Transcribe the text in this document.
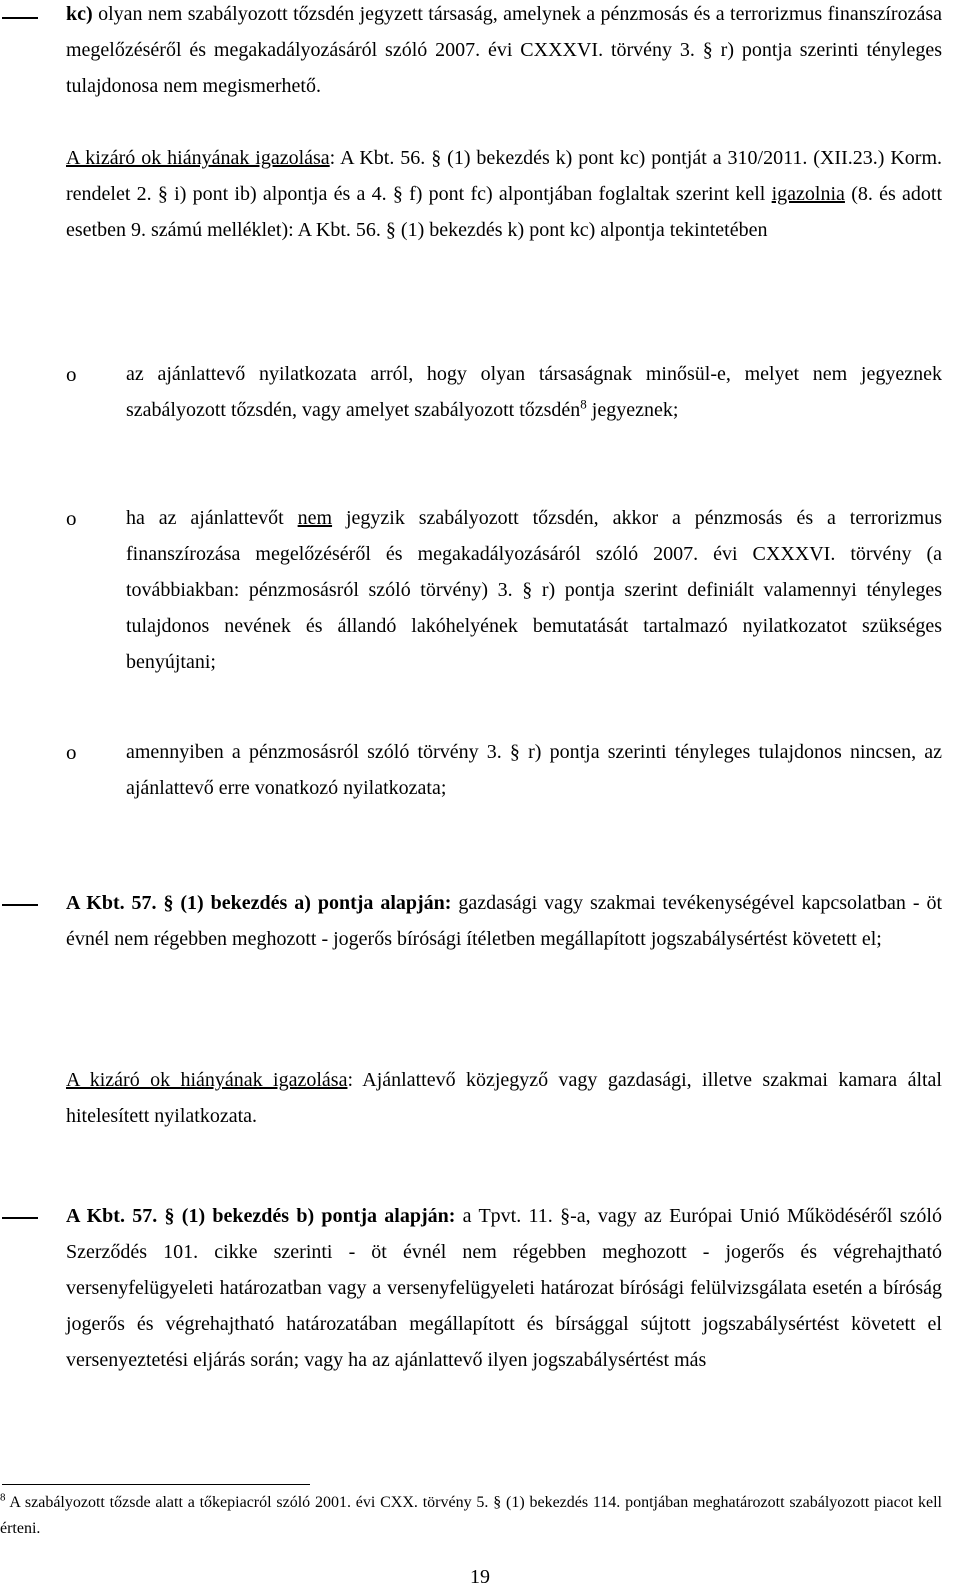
kc) olyan nem szabályozott tőzsdén jegyzett társaság, amelynek a pénzmosás és a terrorizmus finanszírozása megelőzéséről és megakadályozásáról szóló 2007. évi CXXXVI. törvény 3. § r) pontja szerinti tényleges tulajdonosa nem megismerhető.
A kizáró ok hiányának igazolása: A Kbt. 56. § (1) bekezdés k) pont kc) pontját a 310/2011. (XII.23.) Korm. rendelet 2. § i) pont ib) alpontja és a 4. § f) pont fc) alpontjában foglaltak szerint kell igazolnia (8. és adott esetben 9. számú melléklet): A Kbt. 56. § (1) bekezdés k) pont kc) alpontja tekintetében
o az ajánlattevő nyilatkozata arról, hogy olyan társaságnak minősül-e, melyet nem jegyeznek szabályozott tőzsdén, vagy amelyet szabályozott tőzsdén$^8$ jegyeznek;
o ha az ajánlattevőt nem jegyzik szabályozott tőzsdén, akkor a pénzmosás és a terrorizmus finanszírozása megelőzéséről és megakadályozásáról szóló 2007. évi CXXXVI. törvény (a továbbiakban: pénzmosásról szóló törvény) 3. § r) pontja szerint definiált valamennyi tényleges tulajdonos nevének és állandó lakóhelyének bemutatását tartalmazó nyilatkozatot szükséges benyújtani;
o amennyiben a pénzmosásról szóló törvény 3. § r) pontja szerinti tényleges tulajdonos nincsen, az ajánlattevő erre vonatkozó nyilatkozata;
A Kbt. 57. § (1) bekezdés a) pontja alapján: gazdasági vagy szakmai tevékenységével kapcsolatban - öt évnél nem régebben meghozott - jogerős bírósági ítéletben megállapított jogszabálysértést követett el;
A kizáró ok hiányának igazolása: Ajánlattevő közjegyző vagy gazdasági, illetve szakmai kamara által hitelesített nyilatkozata.
A Kbt. 57. § (1) bekezdés b) pontja alapján: a Tpvt. 11. §-a, vagy az Európai Unió Működéséről szóló Szerződés 101. cikke szerinti - öt évnél nem régebben meghozott - jogerős és végrehajtható versenyfelügyeleti határozatban vagy a versenyfelügyeleti határozat bírósági felülvizsgálata esetén a bíróság jogerős és végrehajtható határozatában megállapított és bírsággal sújtott jogszabálysértést követett el versenyeztetési eljárás során; vagy ha az ajánlattevő ilyen jogszabálysértést más
$^8$ A szabályozott tőzsde alatt a tőkepiacról szóló 2001. évi CXX. törvény 5. § (1) bekezdés 114. pontjában meghatározott szabályozott piacot kell érteni.
19
